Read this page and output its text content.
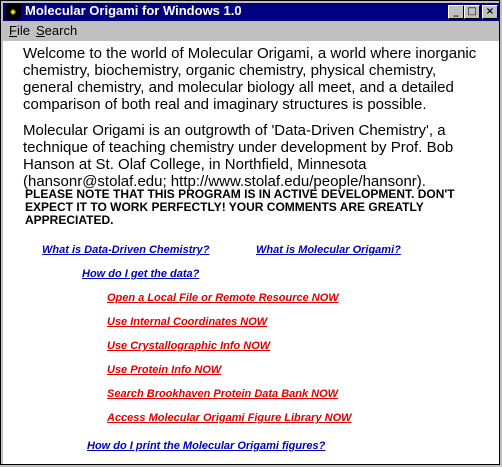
◉ Molecular Origami for Windows 1.0	_ □ ×
File Search

Welcome to the world of Molecular Origami, a world where inorganic chemistry, biochemistry, organic chemistry, physical chemistry, general chemistry, and molecular biology all meet, and a detailed comparison of both real and imaginary structures is possible.

Molecular Origami is an outgrowth of 'Data-Driven Chemistry', a technique of teaching chemistry under development by Prof. Bob Hanson at St. Olaf College, in Northfield, Minnesota (hansonr@stolaf.edu; http://www.stolaf.edu/people/hansonr).

PLEASE NOTE THAT THIS PROGRAM IS IN ACTIVE DEVELOPMENT. DON'T EXPECT IT TO WORK PERFECTLY! YOUR COMMENTS ARE GREATLY APPRECIATED.

What is Data-Driven Chemistry?	What is Molecular Origami?
How do I get the data?
Open a Local File or Remote Resource NOW
Use Internal Coordinates NOW
Use Crystallographic Info NOW
Use Protein Info NOW
Search Brookhaven Protein Data Bank NOW
Access Molecular Origami Figure Library NOW
How do I print the Molecular Origami figures?
